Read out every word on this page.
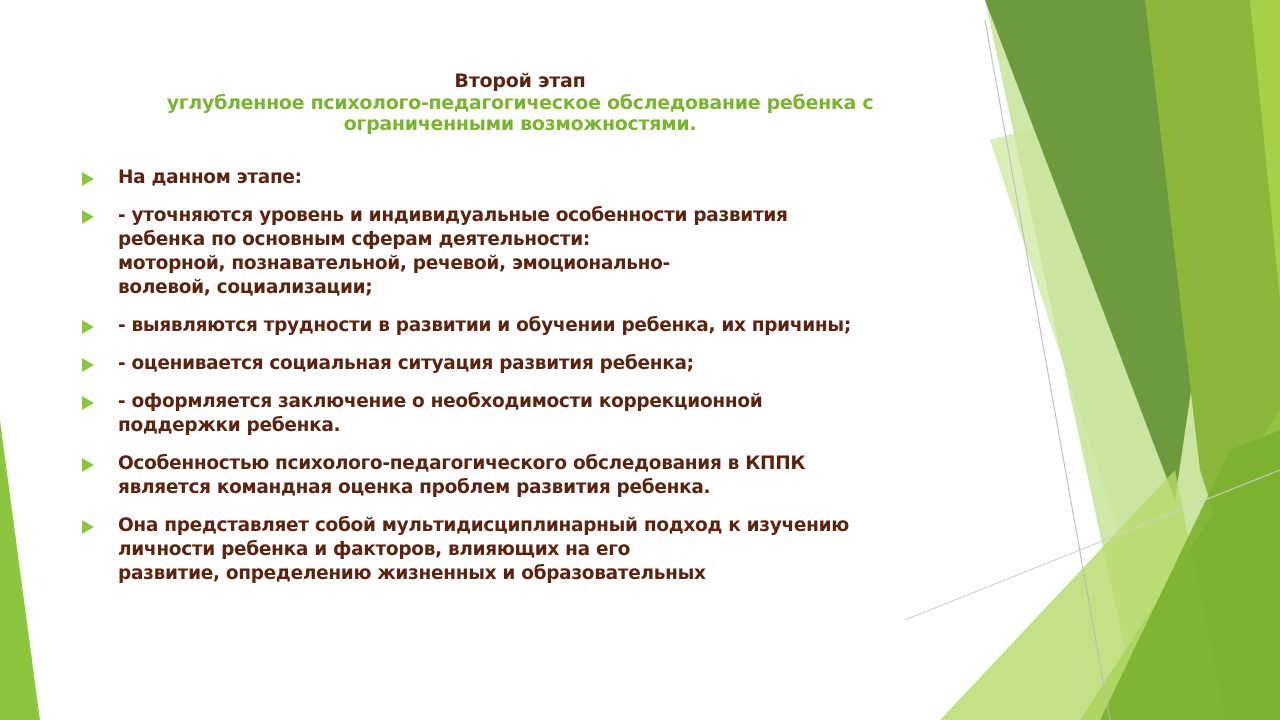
Второй этап
углубленное психолого-педагогическое обследование ребенка с
ограниченными возможностями.
На данном этапе:
- уточняются уровень и индивидуальные особенности развития
ребенка по основным сферам деятельности:
моторной, познавательной, речевой, эмоционально-
волевой, социализации;
- выявляются трудности в развитии и обучении ребенка, их причины;
- оценивается социальная ситуация развития ребенка;
- оформляется заключение о необходимости коррекционной
поддержки ребенка.
Особенностью психолого-педагогического обследования в КППК
является командная оценка проблем развития ребенка.
Она представляет собой мультидисциплинарный подход к изучению
личности ребенка и факторов, влияющих на его
развитие, определению жизненных и образовательных
